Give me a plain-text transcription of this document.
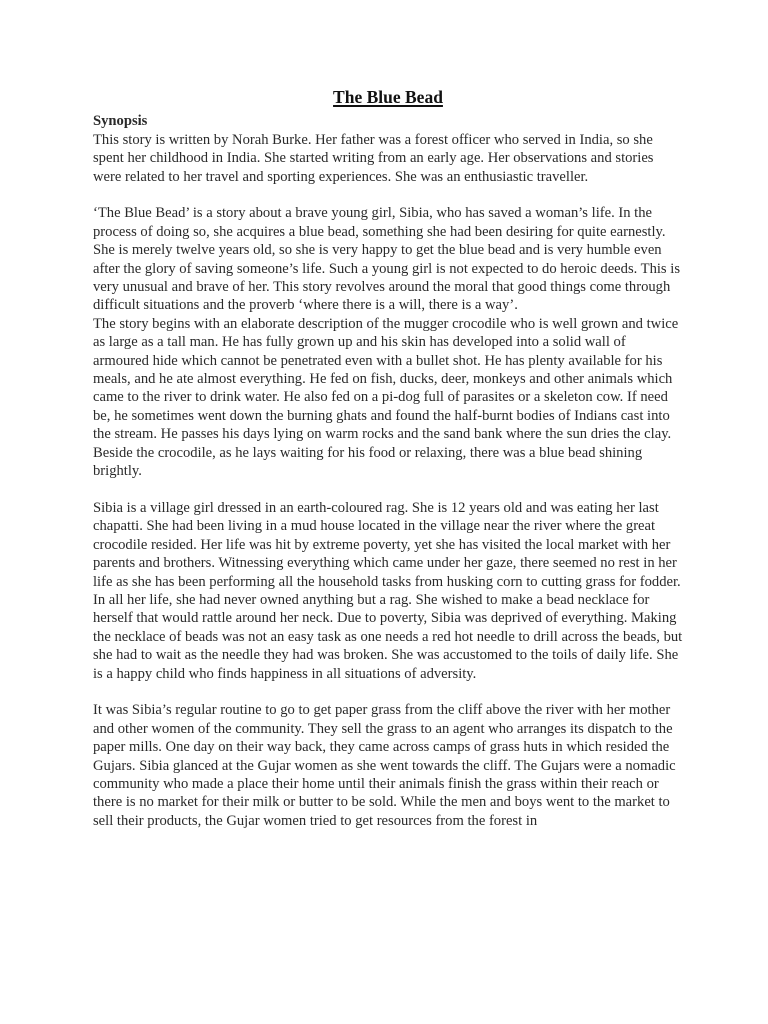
The Blue Bead
Synopsis

This story is written by Norah Burke. Her father was a forest officer who served in India, so she spent her childhood in India. She started writing from an early age. Her observations and stories were related to her travel and sporting experiences. She was an enthusiastic traveller.

‘The Blue Bead’ is a story about a brave young girl, Sibia, who has saved a woman’s life. In the process of doing so, she acquires a blue bead, something she had been desiring for quite earnestly. She is merely twelve years old, so she is very happy to get the blue bead and is very humble even after the glory of saving someone’s life. Such a young girl is not expected to do heroic deeds. This is very unusual and brave of her. This story revolves around the moral that good things come through difficult situations and the proverb ‘where there is a will, there is a way’.

The story begins with an elaborate description of the mugger crocodile who is well grown and twice as large as a tall man. He has fully grown up and his skin has developed into a solid wall of armoured hide which cannot be penetrated even with a bullet shot. He has plenty available for his meals, and he ate almost everything. He fed on fish, ducks, deer, monkeys and other animals which came to the river to drink water. He also fed on a pi-dog full of parasites or a skeleton cow. If need be, he sometimes went down the burning ghats and found the half-burnt bodies of Indians cast into the stream. He passes his days lying on warm rocks and the sand bank where the sun dries the clay. Beside the crocodile, as he lays waiting for his food or relaxing, there was a blue bead shining brightly.

Sibia is a village girl dressed in an earth-coloured rag. She is 12 years old and was eating her last chapatti. She had been living in a mud house located in the village near the river where the great crocodile resided. Her life was hit by extreme poverty, yet she has visited the local market with her parents and brothers. Witnessing everything which came under her gaze, there seemed no rest in her life as she has been performing all the household tasks from husking corn to cutting grass for fodder. In all her life, she had never owned anything but a rag. She wished to make a bead necklace for herself that would rattle around her neck. Due to poverty, Sibia was deprived of everything. Making the necklace of beads was not an easy task as one needs a red hot needle to drill across the beads, but she had to wait as the needle they had was broken. She was accustomed to the toils of daily life. She is a happy child who finds happiness in all situations of adversity.

It was Sibia’s regular routine to go to get paper grass from the cliff above the river with her mother and other women of the community. They sell the grass to an agent who arranges its dispatch to the paper mills. One day on their way back, they came across camps of grass huts in which resided the Gujars. Sibia glanced at the Gujar women as she went towards the cliff. The Gujars were a nomadic community who made a place their home until their animals finish the grass within their reach or there is no market for their milk or butter to be sold. While the men and boys went to the market to sell their products, the Gujar women tried to get resources from the forest in
